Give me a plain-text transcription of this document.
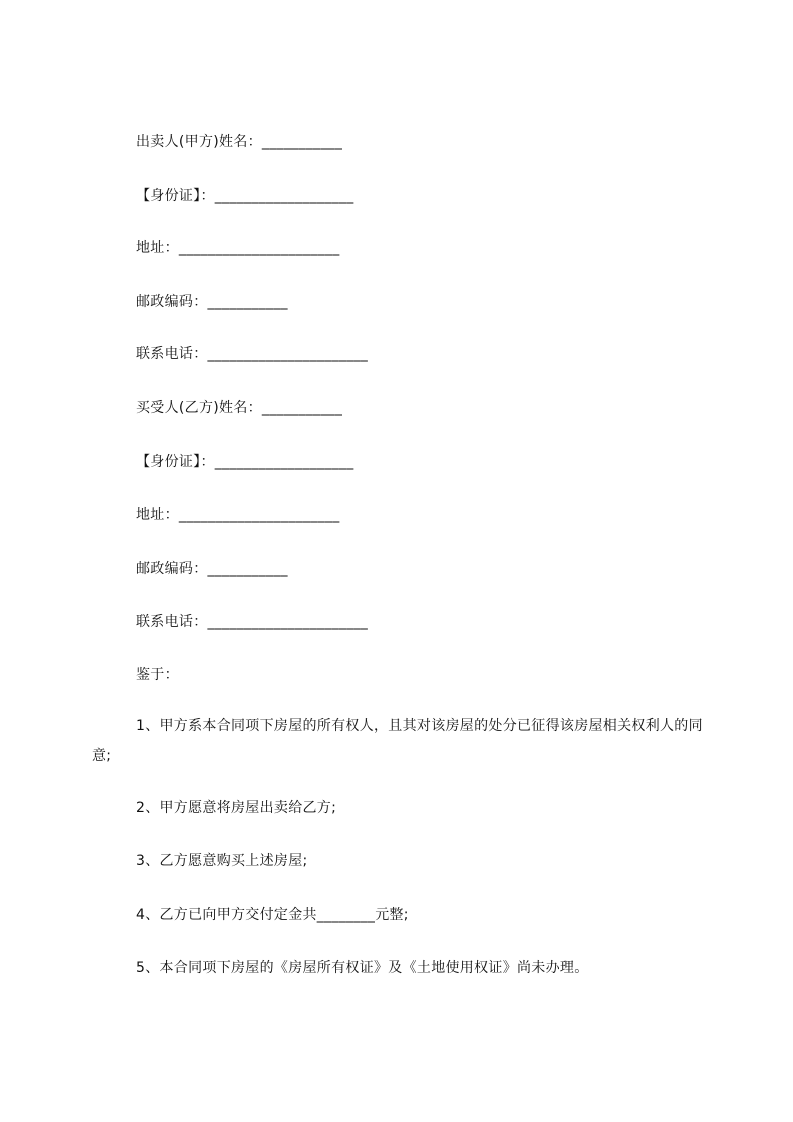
出卖人(甲方)姓名：___________
【身份证】：___________________
地址：______________________
邮政编码：___________
联系电话：______________________
买受人(乙方)姓名：___________
【身份证】：___________________
地址：______________________
邮政编码：___________
联系电话：______________________
鉴于：
1、甲方系本合同项下房屋的所有权人，且其对该房屋的处分已征得该房屋相关权利人的同意;
2、甲方愿意将房屋出卖给乙方;
3、乙方愿意购买上述房屋;
4、乙方已向甲方交付定金共________元整;
5、本合同项下房屋的《房屋所有权证》及《土地使用权证》尚未办理。
